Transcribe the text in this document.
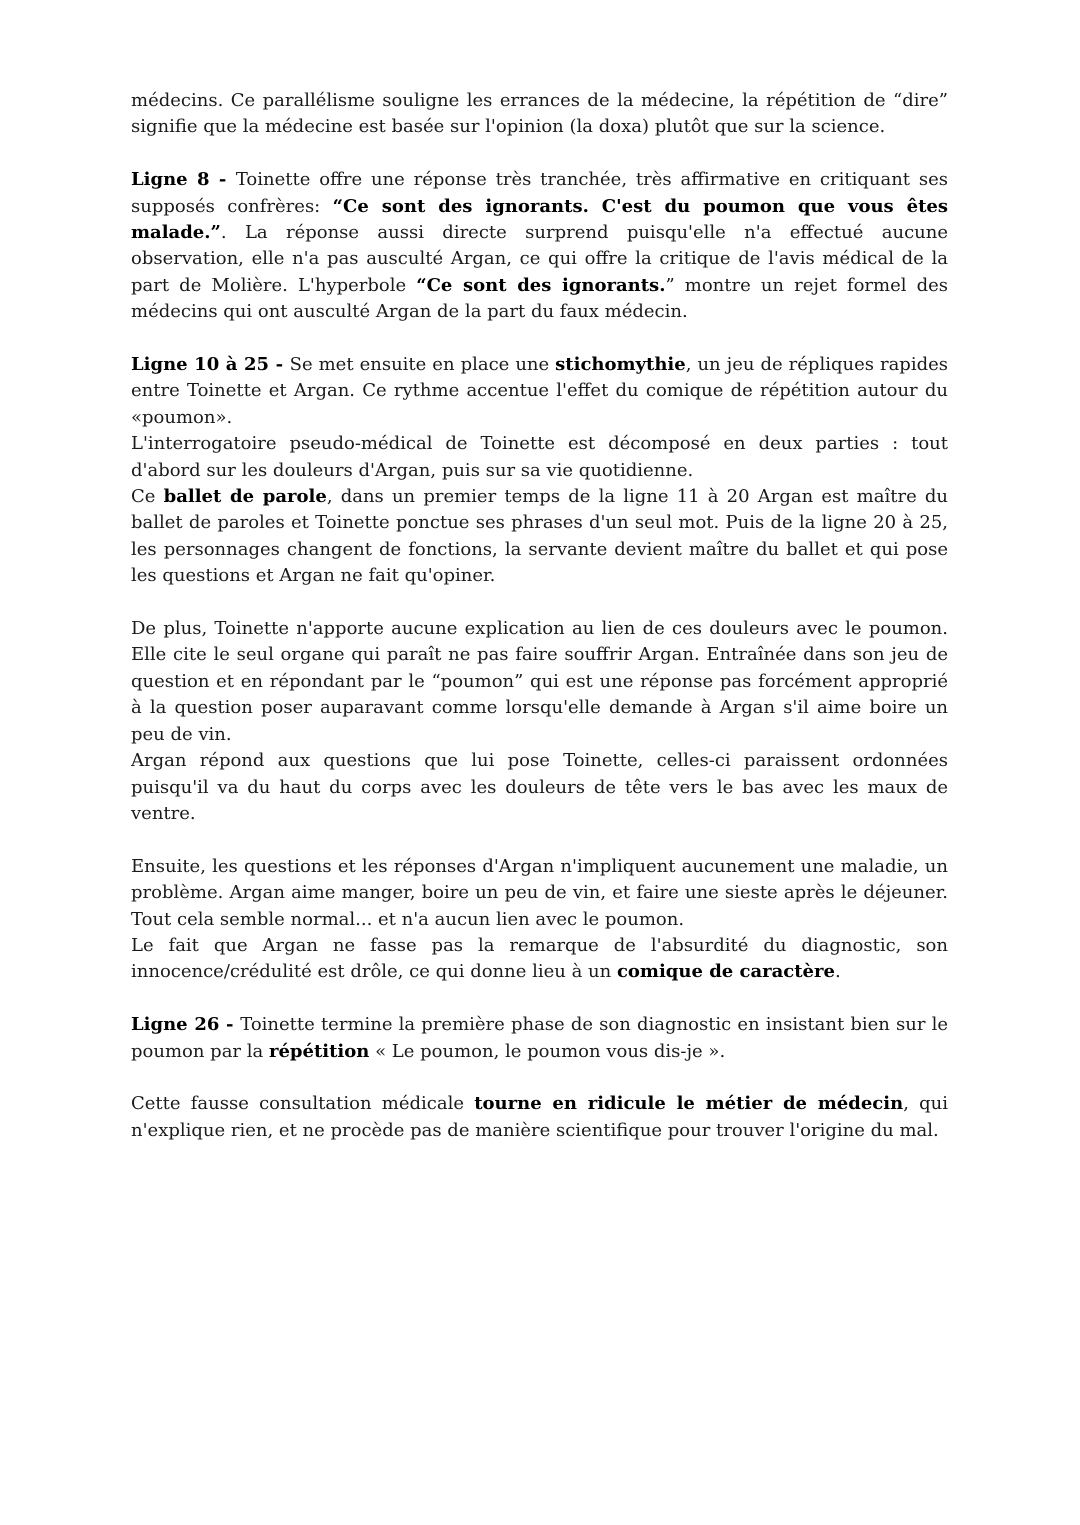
médecins. Ce parallélisme souligne les errances de la médecine, la répétition de “dire” signifie que la médecine est basée sur l'opinion (la doxa) plutôt que sur la science.

Ligne 8 - Toinette offre une réponse très tranchée, très affirmative en critiquant ses supposés confrères: “Ce sont des ignorants. C'est du poumon que vous êtes malade.”. La réponse aussi directe surprend puisqu'elle n'a effectué aucune observation, elle n'a pas ausculté Argan, ce qui offre la critique de l'avis médical de la part de Molière. L'hyperbole “Ce sont des ignorants.” montre un rejet formel des médecins qui ont ausculté Argan de la part du faux médecin.

Ligne 10 à 25 - Se met ensuite en place une stichomythie, un jeu de répliques rapides entre Toinette et Argan. Ce rythme accentue l'effet du comique de répétition autour du «poumon».

L'interrogatoire pseudo-médical de Toinette est décomposé en deux parties : tout d'abord sur les douleurs d'Argan, puis sur sa vie quotidienne.

Ce ballet de parole, dans un premier temps de la ligne 11 à 20 Argan est maître du ballet de paroles et Toinette ponctue ses phrases d'un seul mot. Puis de la ligne 20 à 25, les personnages changent de fonctions, la servante devient maître du ballet et qui pose les questions et Argan ne fait qu'opiner.

De plus, Toinette n'apporte aucune explication au lien de ces douleurs avec le poumon. Elle cite le seul organe qui paraît ne pas faire souffrir Argan. Entraînée dans son jeu de question et en répondant par le “poumon” qui est une réponse pas forcément approprié à la question poser auparavant comme lorsqu'elle demande à Argan s'il aime boire un peu de vin.

Argan répond aux questions que lui pose Toinette, celles-ci paraissent ordonnées puisqu'il va du haut du corps avec les douleurs de tête vers le bas avec les maux de ventre.

Ensuite, les questions et les réponses d'Argan n'impliquent aucunement une maladie, un problème. Argan aime manger, boire un peu de vin, et faire une sieste après le déjeuner. Tout cela semble normal... et n'a aucun lien avec le poumon.

Le fait que Argan ne fasse pas la remarque de l'absurdité du diagnostic, son innocence/crédulité est drôle, ce qui donne lieu à un comique de caractère.

Ligne 26 - Toinette termine la première phase de son diagnostic en insistant bien sur le poumon par la répétition « Le poumon, le poumon vous dis-je ».

Cette fausse consultation médicale tourne en ridicule le métier de médecin, qui n'explique rien, et ne procède pas de manière scientifique pour trouver l'origine du mal.
